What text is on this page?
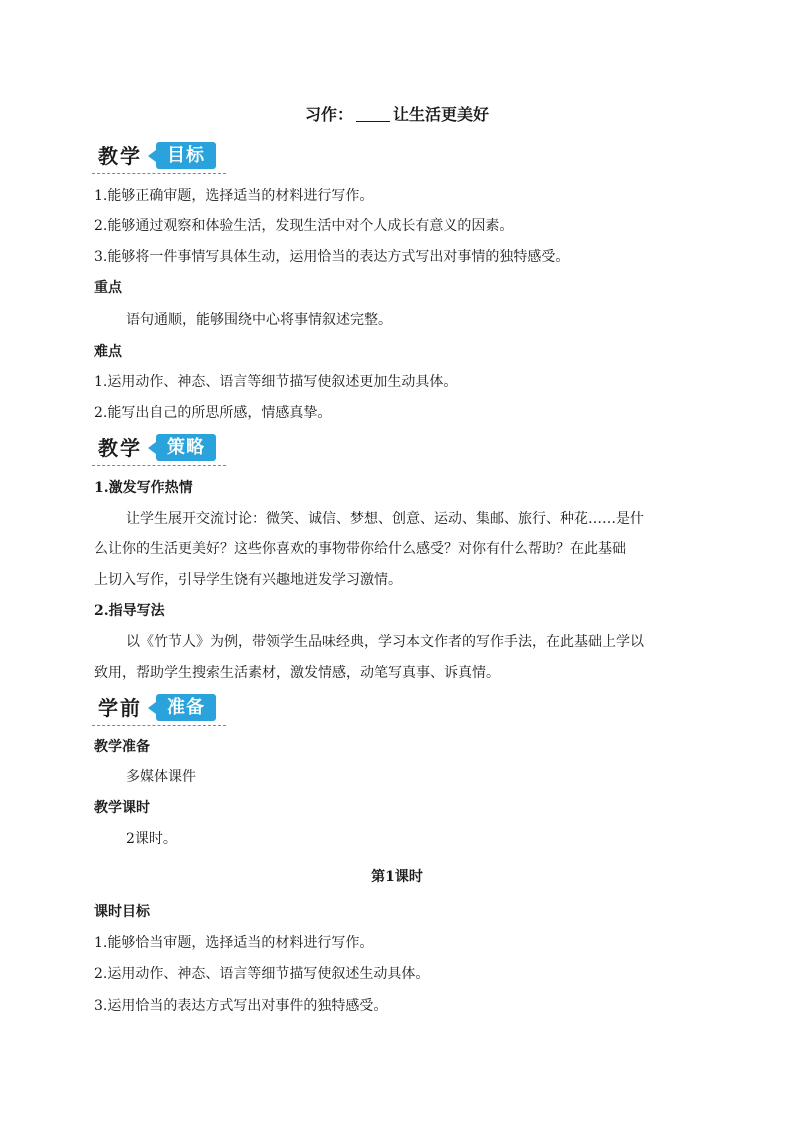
习作：	让生活更美好
教学	目标
1.能够正确审题，选择适当的材料进行写作。
2.能够通过观察和体验生活，发现生活中对个人成长有意义的因素。
3.能够将一件事情写具体生动，运用恰当的表达方式写出对事情的独特感受。
重点
语句通顺，能够围绕中心将事情叙述完整。
难点
1.运用动作、神态、语言等细节描写使叙述更加生动具体。
2.能写出自己的所思所感，情感真挚。
教学	策略
1.激发写作热情
让学生展开交流讨论：微笑、诚信、梦想、创意、运动、集邮、旅行、种花……是什
么让你的生活更美好？这些你喜欢的事物带你给什么感受？对你有什么帮助？在此基础
上切入写作，引导学生饶有兴趣地迸发学习激情。
2.指导写法
以《竹节人》为例，带领学生品味经典，学习本文作者的写作手法，在此基础上学以
致用，帮助学生搜索生活素材，激发情感，动笔写真事、诉真情。
学前	准备
教学准备
多媒体课件
教学课时
2课时。
第1课时
课时目标
1.能够恰当审题，选择适当的材料进行写作。
2.运用动作、神态、语言等细节描写使叙述生动具体。
3.运用恰当的表达方式写出对事件的独特感受。
